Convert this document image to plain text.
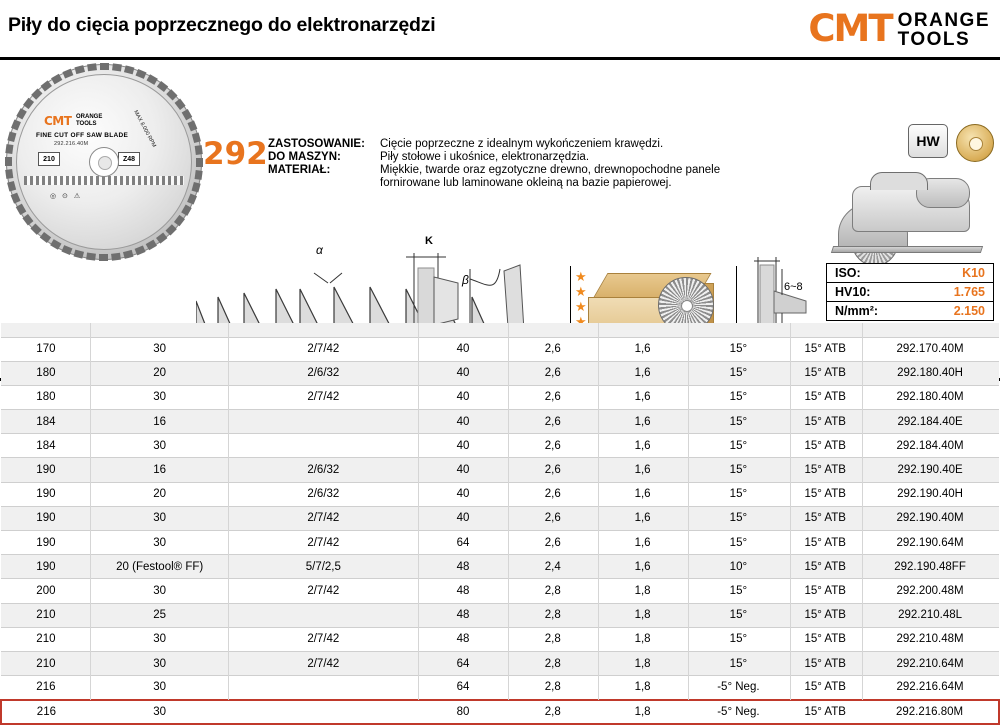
Piły do cięcia poprzecznego do elektronarzędzi	CMT ORANGE
TOOLS
CMT ORANGE
TOOLS
FINE CUT OFF SAW BLADE
292.216.40M
210	Z48
◎ ⊙ ⚠
MAX 8.000 RPM
292 ZASTOSOWANIE:	Cięcie poprzeczne z idealnym wykończeniem krawędzi.
DO MASZYN:	Piły stołowe i ukośnice, elektronarzędzia.
MATERIAŁ:	Miękkie, twarde oraz egzotyczne drewno, drewnopochodne panele
fornirowane lub laminowane okleiną na bazie papierowej.
HW
α
K
β
P
★
★
★
★
★
6~8
ISO:	K10
HV10:	1.765
N/mm²:	2.150

170	30	2/7/42	40	2,6	1,6	15°	15° ATB	292.170.40M
180	20	2/6/32	40	2,6	1,6	15°	15° ATB	292.180.40H
180	30	2/7/42	40	2,6	1,6	15°	15° ATB	292.180.40M
184	16		40	2,6	1,6	15°	15° ATB	292.184.40E
184	30		40	2,6	1,6	15°	15° ATB	292.184.40M
190	16	2/6/32	40	2,6	1,6	15°	15° ATB	292.190.40E
190	20	2/6/32	40	2,6	1,6	15°	15° ATB	292.190.40H
190	30	2/7/42	40	2,6	1,6	15°	15° ATB	292.190.40M
190	30	2/7/42	64	2,6	1,6	15°	15° ATB	292.190.64M
190	20 (Festool® FF)	5/7/2,5	48	2,4	1,6	10°	15° ATB	292.190.48FF
200	30	2/7/42	48	2,8	1,8	15°	15° ATB	292.200.48M
210	25		48	2,8	1,8	15°	15° ATB	292.210.48L
210	30	2/7/42	48	2,8	1,8	15°	15° ATB	292.210.48M
210	30	2/7/42	64	2,8	1,8	15°	15° ATB	292.210.64M
216	30		64	2,8	1,8	-5° Neg.	15° ATB	292.216.64M
216	30		80	2,8	1,8	-5° Neg.	15° ATB	292.216.80M
